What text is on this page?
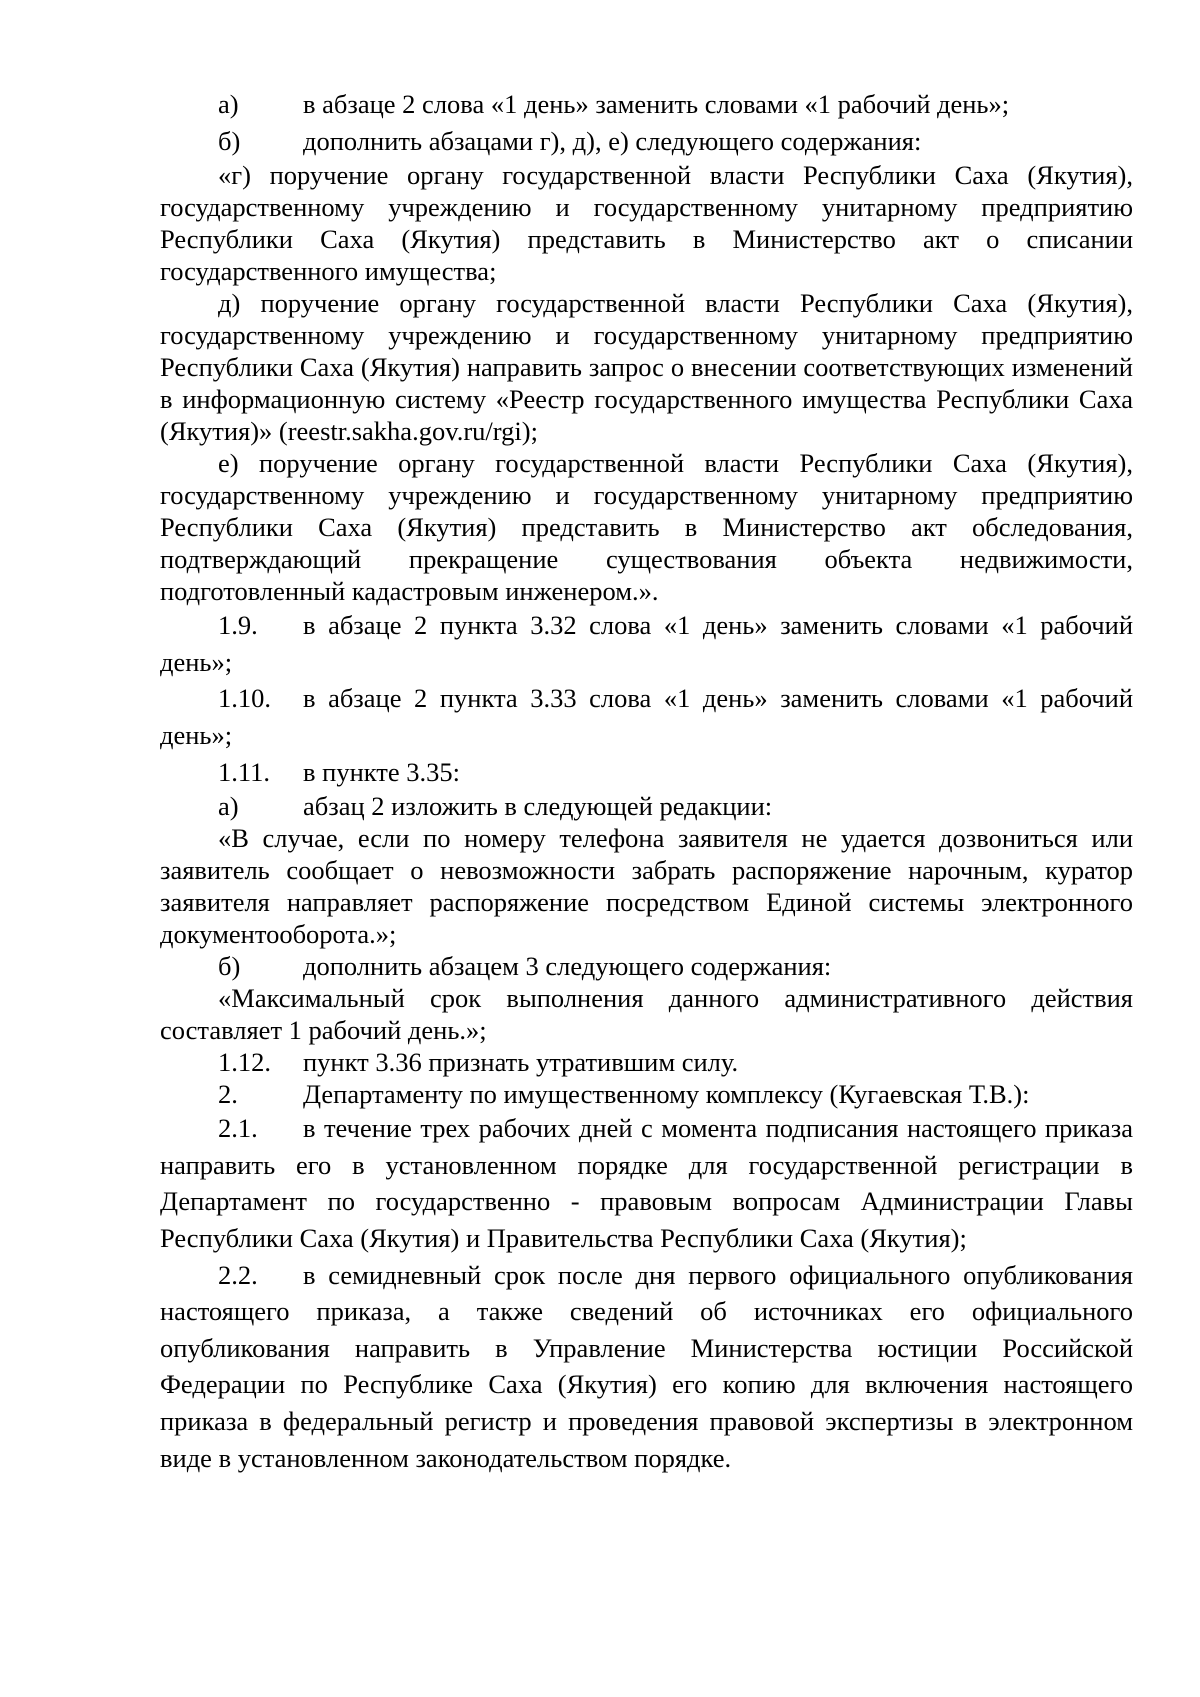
а) в абзаце 2 слова «1 день» заменить словами «1 рабочий день»;

б) дополнить абзацами г), д), е) следующего содержания:

«г) поручение органу государственной власти Республики Саха (Якутия), государственному учреждению и государственному унитарному предприятию Республики Саха (Якутия) представить в Министерство акт о списании государственного имущества;

д) поручение органу государственной власти Республики Саха (Якутия), государственному учреждению и государственному унитарному предприятию Республики Саха (Якутия) направить запрос о внесении соответствующих изменений в информационную систему «Реестр государственного имущества Республики Саха (Якутия)» (reestr.sakha.gov.ru/rgi);

е) поручение органу государственной власти Республики Саха (Якутия), государственному учреждению и государственному унитарному предприятию Республики Саха (Якутия) представить в Министерство акт обследования, подтверждающий прекращение существования объекта недвижимости, подготовленный кадастровым инженером.».

1.9. в абзаце 2 пункта 3.32 слова «1 день» заменить словами «1 рабочий день»;

1.10. в абзаце 2 пункта 3.33 слова «1 день» заменить словами «1 рабочий день»;

1.11. в пункте 3.35:

а) абзац 2 изложить в следующей редакции:

«В случае, если по номеру телефона заявителя не удается дозвониться или заявитель сообщает о невозможности забрать распоряжение нарочным, куратор заявителя направляет распоряжение посредством Единой системы электронного документооборота.»;

б) дополнить абзацем 3 следующего содержания:

«Максимальный срок выполнения данного административного действия составляет 1 рабочий день.»;

1.12. пункт 3.36 признать утратившим силу.

2. Департаменту по имущественному комплексу (Кугаевская Т.В.):

2.1. в течение трех рабочих дней с момента подписания настоящего приказа направить его в установленном порядке для государственной регистрации в Департамент по государственно - правовым вопросам Администрации Главы Республики Саха (Якутия) и Правительства Республики Саха (Якутия);

2.2. в семидневный срок после дня первого официального опубликования настоящего приказа, а также сведений об источниках его официального опубликования направить в Управление Министерства юстиции Российской Федерации по Республике Саха (Якутия) его копию для включения настоящего приказа в федеральный регистр и проведения правовой экспертизы в электронном виде в установленном законодательством порядке.
